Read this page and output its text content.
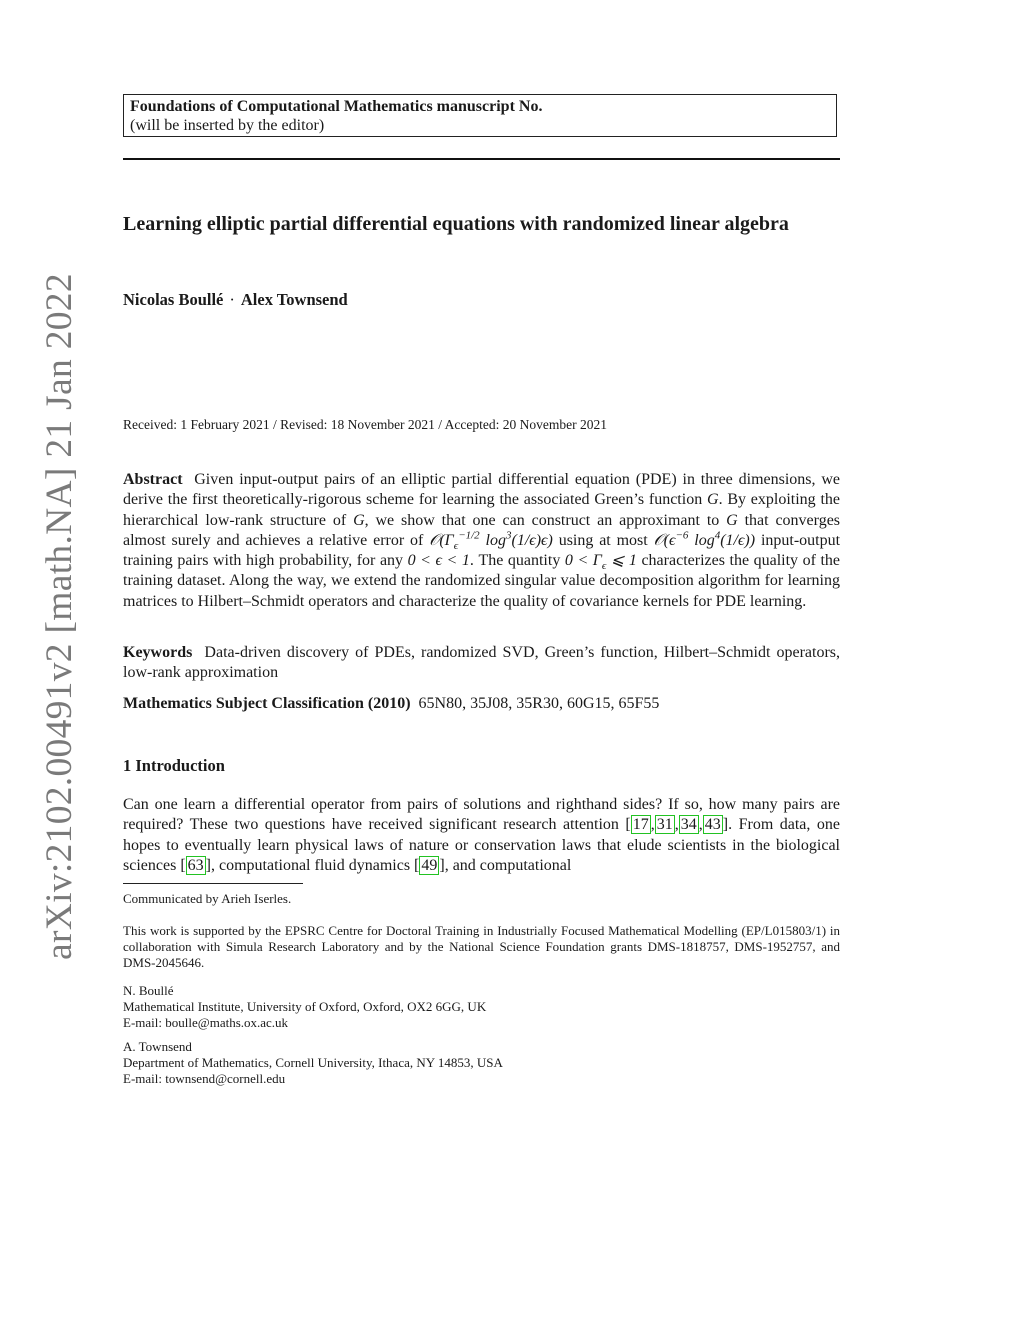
arXiv:2102.00491v2 [math.NA] 21 Jan 2022
Foundations of Computational Mathematics manuscript No.
(will be inserted by the editor)
Learning elliptic partial differential equations with randomized linear algebra
Nicolas Boullé · Alex Townsend
Received: 1 February 2021 / Revised: 18 November 2021 / Accepted: 20 November 2021
Abstract Given input-output pairs of an elliptic partial differential equation (PDE) in three dimensions, we derive the first theoretically-rigorous scheme for learning the associated Green’s function G. By exploiting the hierarchical low-rank structure of G, we show that one can construct an approximant to G that converges almost surely and achieves a relative error of $𝒪(\Gamma_\epsilon^{-1/2}$ $\log^3(1/\epsilon)\epsilon$) using at most $𝒪(\epsilon^{-6}$ $\log^4(1/\epsilon)$) input-output training pairs with high probability, for any 0 < ϵ < 1. The quantity $0 < \Gamma_\epsilon$ ⩽ 1 characterizes the quality of the training dataset. Along the way, we extend the randomized singular value decomposition algorithm for learning matrices to Hilbert–Schmidt operators and characterize the quality of covariance kernels for PDE learning.
Keywords Data-driven discovery of PDEs, randomized SVD, Green’s function, Hilbert–Schmidt operators, low-rank approximation
Mathematics Subject Classification (2010) 65N80, 35J08, 35R30, 60G15, 65F55
1 Introduction
Can one learn a differential operator from pairs of solutions and righthand sides? If so, how many pairs are required? These two questions have received significant research attention [ 17 , 31 , 34 , 43 ]. From data, one hopes to eventually learn physical laws of nature or conservation laws that elude scientists in the biological sciences [ 63 ], computational fluid dynamics [ 49 ], and computational
Communicated by Arieh Iserles.
This work is supported by the EPSRC Centre for Doctoral Training in Industrially Focused Mathematical Modelling (EP/L015803/1) in collaboration with Simula Research Laboratory and by the National Science Foundation grants DMS-1818757, DMS-1952757, and DMS-2045646.
N. Boullé
Mathematical Institute, University of Oxford, Oxford, OX2 6GG, UK
E-mail: boulle@maths.ox.ac.uk
A. Townsend
Department of Mathematics, Cornell University, Ithaca, NY 14853, USA
E-mail: townsend@cornell.edu
